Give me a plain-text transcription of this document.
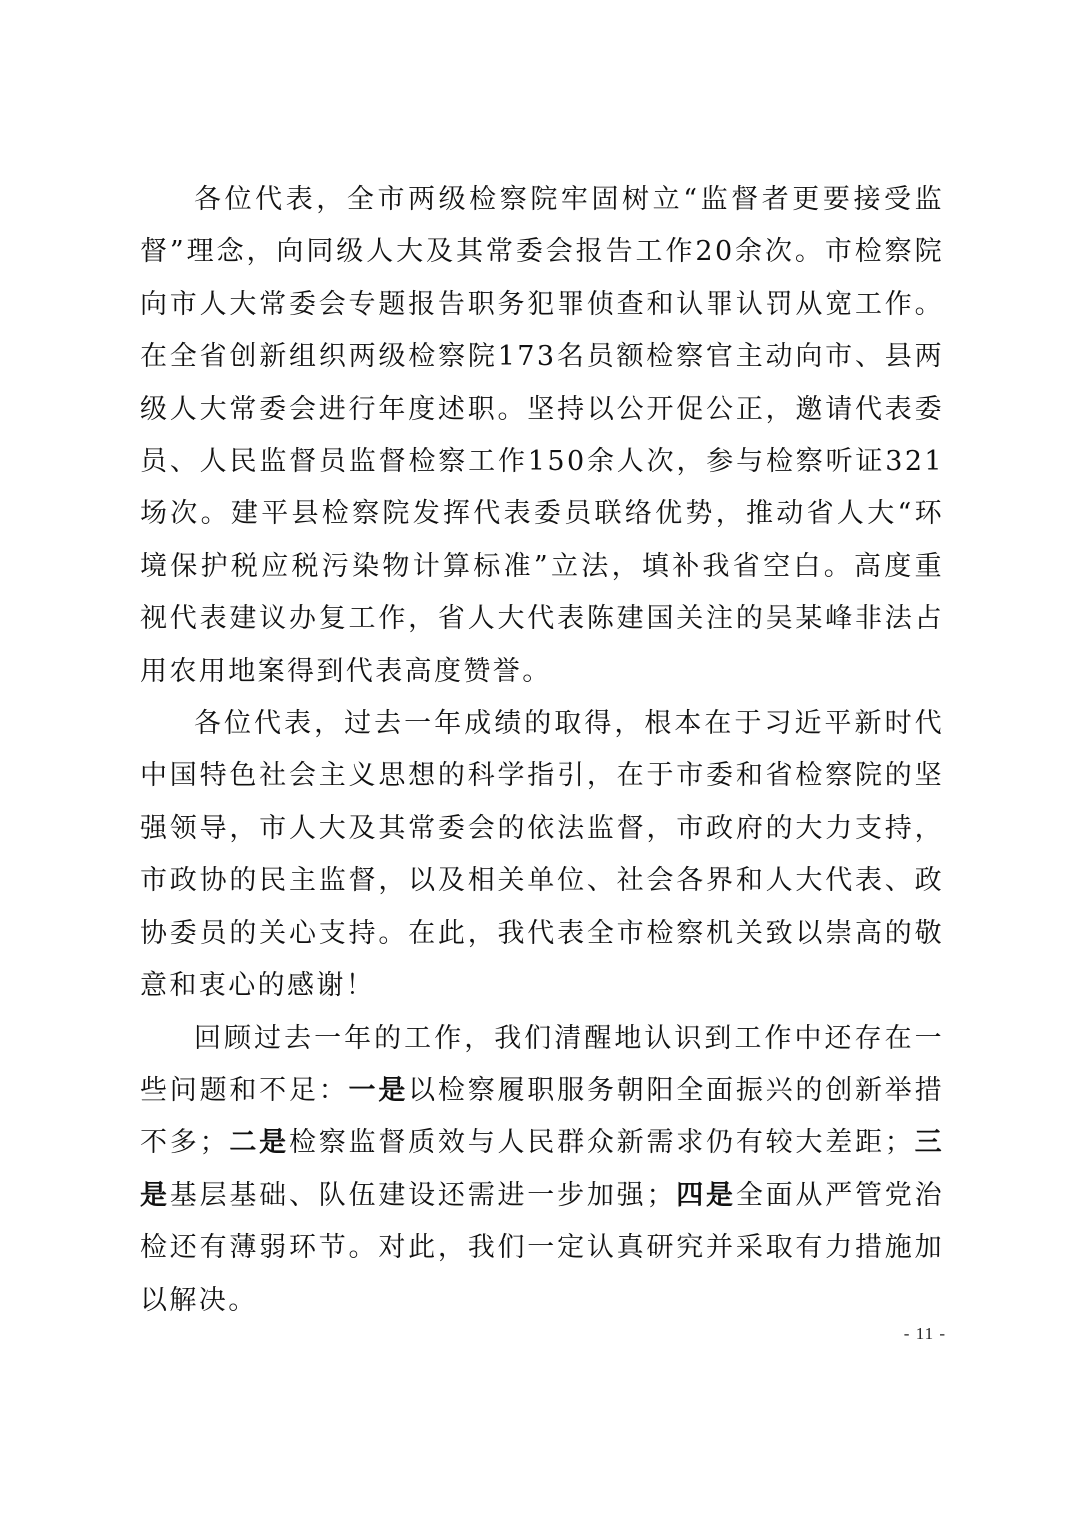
各位代表，全市两级检察院牢固树立“监督者更要接受监督”理念，向同级人大及其常委会报告工作20余次。市检察院向市人大常委会专题报告职务犯罪侦查和认罪认罚从宽工作。在全省创新组织两级检察院173名员额检察官主动向市、县两级人大常委会进行年度述职。坚持以公开促公正，邀请代表委员、人民监督员监督检察工作150余人次，参与检察听证321场次。建平县检察院发挥代表委员联络优势，推动省人大“环境保护税应税污染物计算标准”立法，填补我省空白。高度重视代表建议办复工作，省人大代表陈建国关注的吴某峰非法占用农用地案得到代表高度赞誉。

各位代表，过去一年成绩的取得，根本在于习近平新时代中国特色社会主义思想的科学指引，在于市委和省检察院的坚强领导，市人大及其常委会的依法监督，市政府的大力支持，市政协的民主监督，以及相关单位、社会各界和人大代表、政协委员的关心支持。在此，我代表全市检察机关致以崇高的敬意和衷心的感谢！

回顾过去一年的工作，我们清醒地认识到工作中还存在一些问题和不足：一是以检察履职服务朝阳全面振兴的创新举措不多；二是检察监督质效与人民群众新需求仍有较大差距；三是基层基础、队伍建设还需进一步加强；四是全面从严管党治检还有薄弱环节。对此，我们一定认真研究并采取有力措施加以解决。

- 11 -
